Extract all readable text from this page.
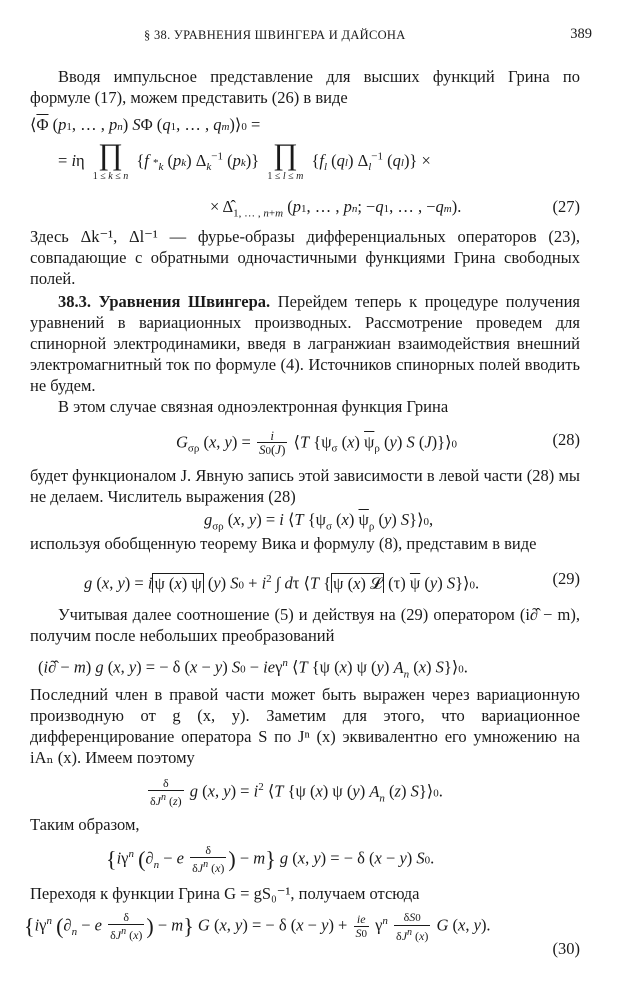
§ 38. УРАВНЕНИЯ ШВИНГЕРА И ДАЙСОНА	389
Вводя импульсное представление для высших функций Грина по формуле (17), можем представить (26) в виде
$⟨\overline{\Phi}$ (p1, … , pn) SΦ (q1, … , qm)⟩0 =
= iη ∏
1 ≤ k ≤ n
{f $*_k$ (pk) $\Delta_k^{-1}$ (pk)} ∏
1 ≤ l ≤ m
{$f_l$ (ql) $\Delta_l^{-1}$ (ql)} ×
× $\Deltâ_{1, \dots , n+m}$ (p1, … , pn; −q1, … , −qm).	(27)
Здесь Δk⁻¹, Δl⁻¹ — фурье-образы дифференциальных операторов (23), совпадающие с обратными одночастичными функциями Грина свободных полей.
38.3. Уравнения Швингера. Перейдем теперь к процедуре получения уравнений в вариационных производных. Рассмотрение проведем для спинорной электродинамики, введя в лагранжиан взаимодействия внешний электромагнитный ток по формуле (4). Источников спинорных полей вводить не будем.
В этом случае связная одноэлектронная функция Грина
$G_{\sigma\rho}$ (x, $y) = \frac{i}{S0(J)}$ ⟨T {$\psi_\sigma$ (x) $\overline{\psi}_\rho$ (y) S (J)}⟩0	(28)
будет функционалом J. Явную запись этой зависимости в левой части (28) мы не делаем. Числитель выражения (28)
$g_{\sigma\rho}$ (x, y) = i ⟨T {$\psi_\sigma$ (x) $\overline{\psi}_\rho$ (y) S}⟩0,
используя обобщенную теорему Вика и формулу (8), представим в виде
g (x, y) = i ψ (x) $\overline{\psi}$ (y) $S0 + i^2$ ∫ dτ ⟨T { ψ (x) 𝓛 (τ) $\overline{\psi}$ (y) S}⟩0.	(29)
Учитывая далее соотношение (5) и действуя на (29) оператором (i∂̂ − m), получим после небольших преобразований
(i∂̂ − m) g (x, y) = − δ (x − y) S0 − ieγ$^n$ ⟨T {ψ (x) ψ (y) $A_n$ (x) S}⟩0.
Последний член в правой части может быть выражен через вариационную производную от g (x, y). Заметим для этого, что вариационное дифференцирование оператора S по Jⁿ (x) эквивалентно его умножению на iAₙ (x). Имеем поэтому
$\frac{\delta}{\delta J^n (z)}$ g (x, $y) = i^2$ ⟨T {ψ (x) ψ (y) $A_n$ (z) S}⟩0.
Таким образом,
{$i\gamma^n$ ($\partial_n - e \frac{\delta}{\delta J^n (x)}$ ) − m} g (x, y) = − δ (x − y) S0.
Переходя к функции Грина G = gS₀⁻¹, получаем отсюда
{$i\gamma^n$ ($\partial_n - e \frac{\delta}{\delta J^n (x)}$ ) − m} G (x, y) = − δ $(x - y) + \frac{ie}{S0} \gamma^n \frac{\delta S0}{\delta J^n (x)}$ G (x, y).
(30)
